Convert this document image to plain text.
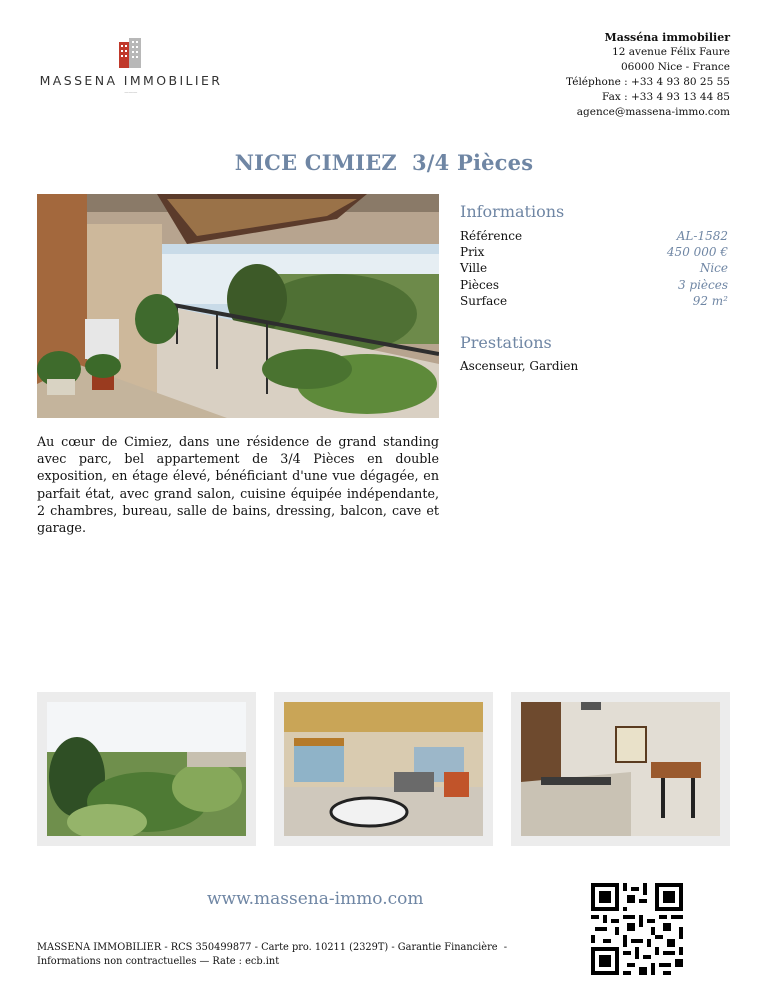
MASSENA IMMOBILIER
―――
Masséna immobilier
12 avenue Félix Faure
06000 Nice - France
Téléphone : +33 4 93 80 25 55
Fax : +33 4 93 13 44 85
agence@massena-immo.com
NICE CIMIEZ  3/4 Pièces
Informations
Référence	AL-1582
Prix	450 000 €
Ville	Nice
Pièces	3 pièces
Surface	92 m²
Prestations
Ascenseur, Gardien
Au cœur de Cimiez, dans une résidence de grand standing avec parc, bel appartement de 3/4 Pièces en double exposition, en étage élevé, bénéficiant d'une vue dégagée, en parfait état, avec grand salon, cuisine équipée indépendante, 2 chambres, bureau, salle de bains, dressing, balcon, cave et garage.
www.massena-immo.com
MASSENA IMMOBILIER - RCS 350499877 - Carte pro. 10211 (2329T) - Garantie Financière  -
Informations non contractuelles — Rate : ecb.int
